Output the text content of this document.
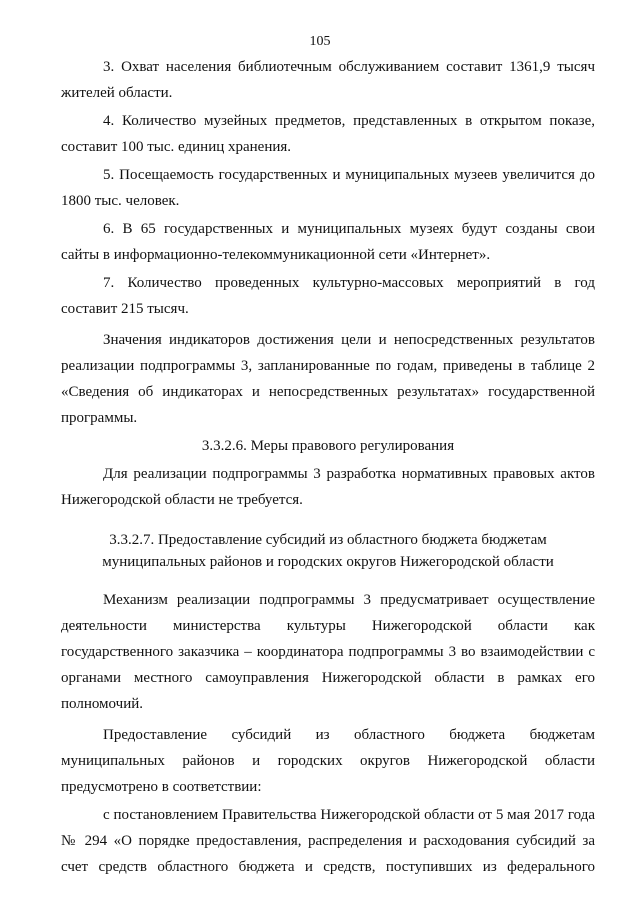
105

3. Охват населения библиотечным обслуживанием составит 1361,9 тысяч жителей области.

4. Количество музейных предметов, представленных в открытом показе, составит 100 тыс. единиц хранения.

5. Посещаемость государственных и муниципальных музеев увеличится до 1800 тыс. человек.

6. В 65 государственных и муниципальных музеях будут созданы свои сайты в информационно-телекоммуникационной сети «Интернет».

7. Количество проведенных культурно-массовых мероприятий в год составит 215 тысяч.

Значения индикаторов достижения цели и непосредственных результатов реализации подпрограммы 3, запланированные по годам, приведены в таблице 2 «Сведения об индикаторах и непосредственных результатах» государственной программы.

3.3.2.6. Меры правового регулирования

Для реализации подпрограммы 3 разработка нормативных правовых актов Нижегородской области не требуется.

3.3.2.7. Предоставление субсидий из областного бюджета бюджетам
муниципальных районов и городских округов Нижегородской области

Механизм реализации подпрограммы 3 предусматривает осуществление деятельности министерства культуры Нижегородской области как государственного заказчика – координатора подпрограммы 3 во взаимодействии с органами местного самоуправления Нижегородской области в рамках его полномочий.

Предоставление субсидий из областного бюджета бюджетам муниципальных районов и городских округов Нижегородской области предусмотрено в соответствии:

с постановлением Правительства Нижегородской области от 5 мая 2017 года № 294 «О порядке предоставления, распределения и расходования субсидий за счет средств областного бюджета и средств, поступивших из федерального
